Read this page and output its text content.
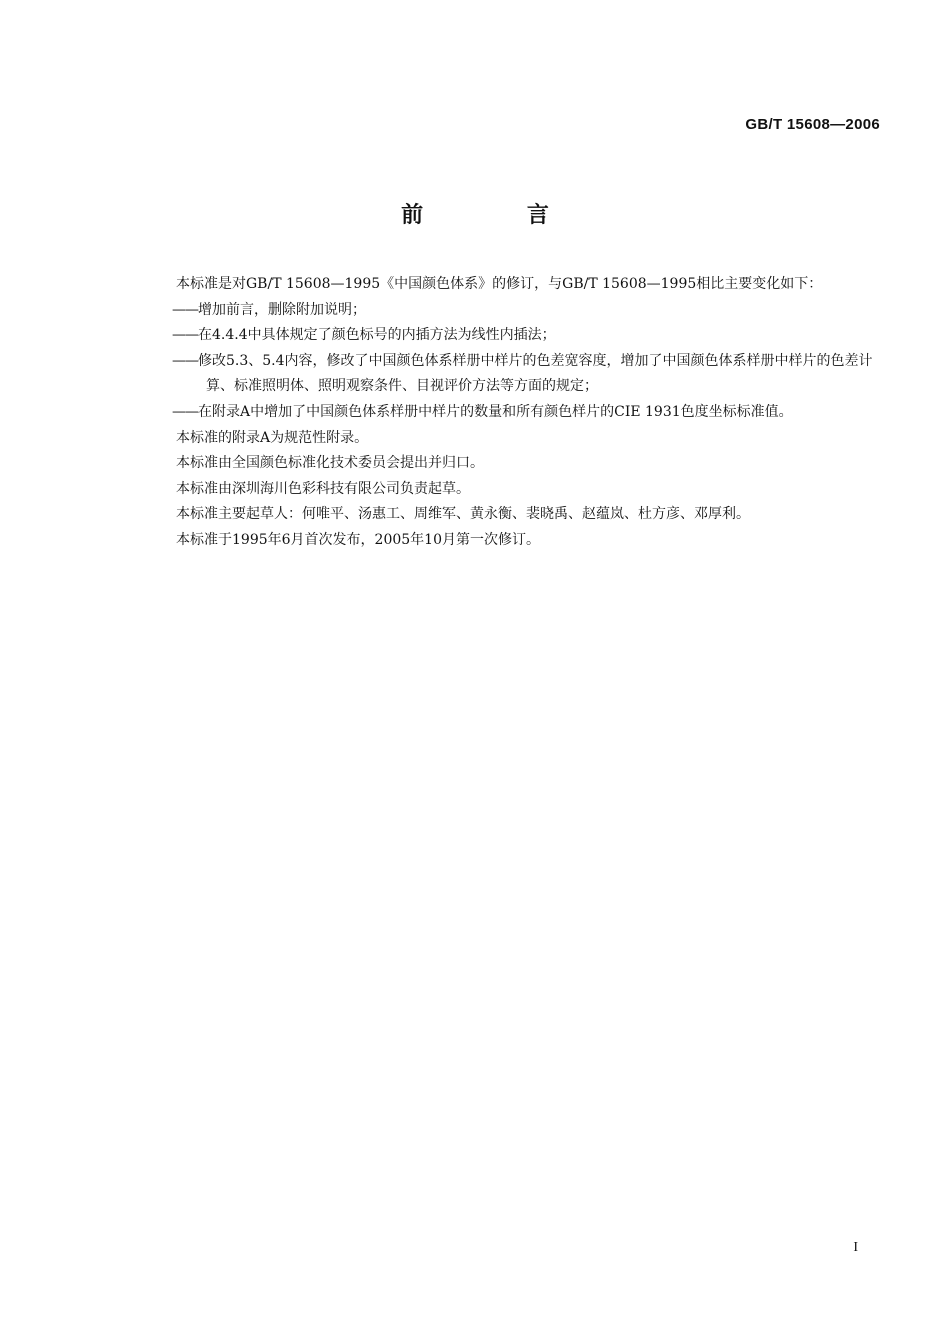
GB/T 15608—2006
前 言

本标准是对GB/T 15608—1995《中国颜色体系》的修订，与GB/T 15608—1995相比主要变化如下：

——增加前言，删除附加说明；
——在4.4.4中具体规定了颜色标号的内插方法为线性内插法；
——修改5.3、5.4内容，修改了中国颜色体系样册中样片的色差宽容度，增加了中国颜色体系样册中样片的色差计算、标准照明体、照明观察条件、目视评价方法等方面的规定；
——在附录A中增加了中国颜色体系样册中样片的数量和所有颜色样片的CIE 1931色度坐标标准值。

本标准的附录A为规范性附录。

本标准由全国颜色标准化技术委员会提出并归口。

本标准由深圳海川色彩科技有限公司负责起草。

本标准主要起草人：何唯平、汤惠工、周维军、黄永衡、裴晓禹、赵蕴岚、杜方彦、邓厚利。

本标准于1995年6月首次发布，2005年10月第一次修订。

I
